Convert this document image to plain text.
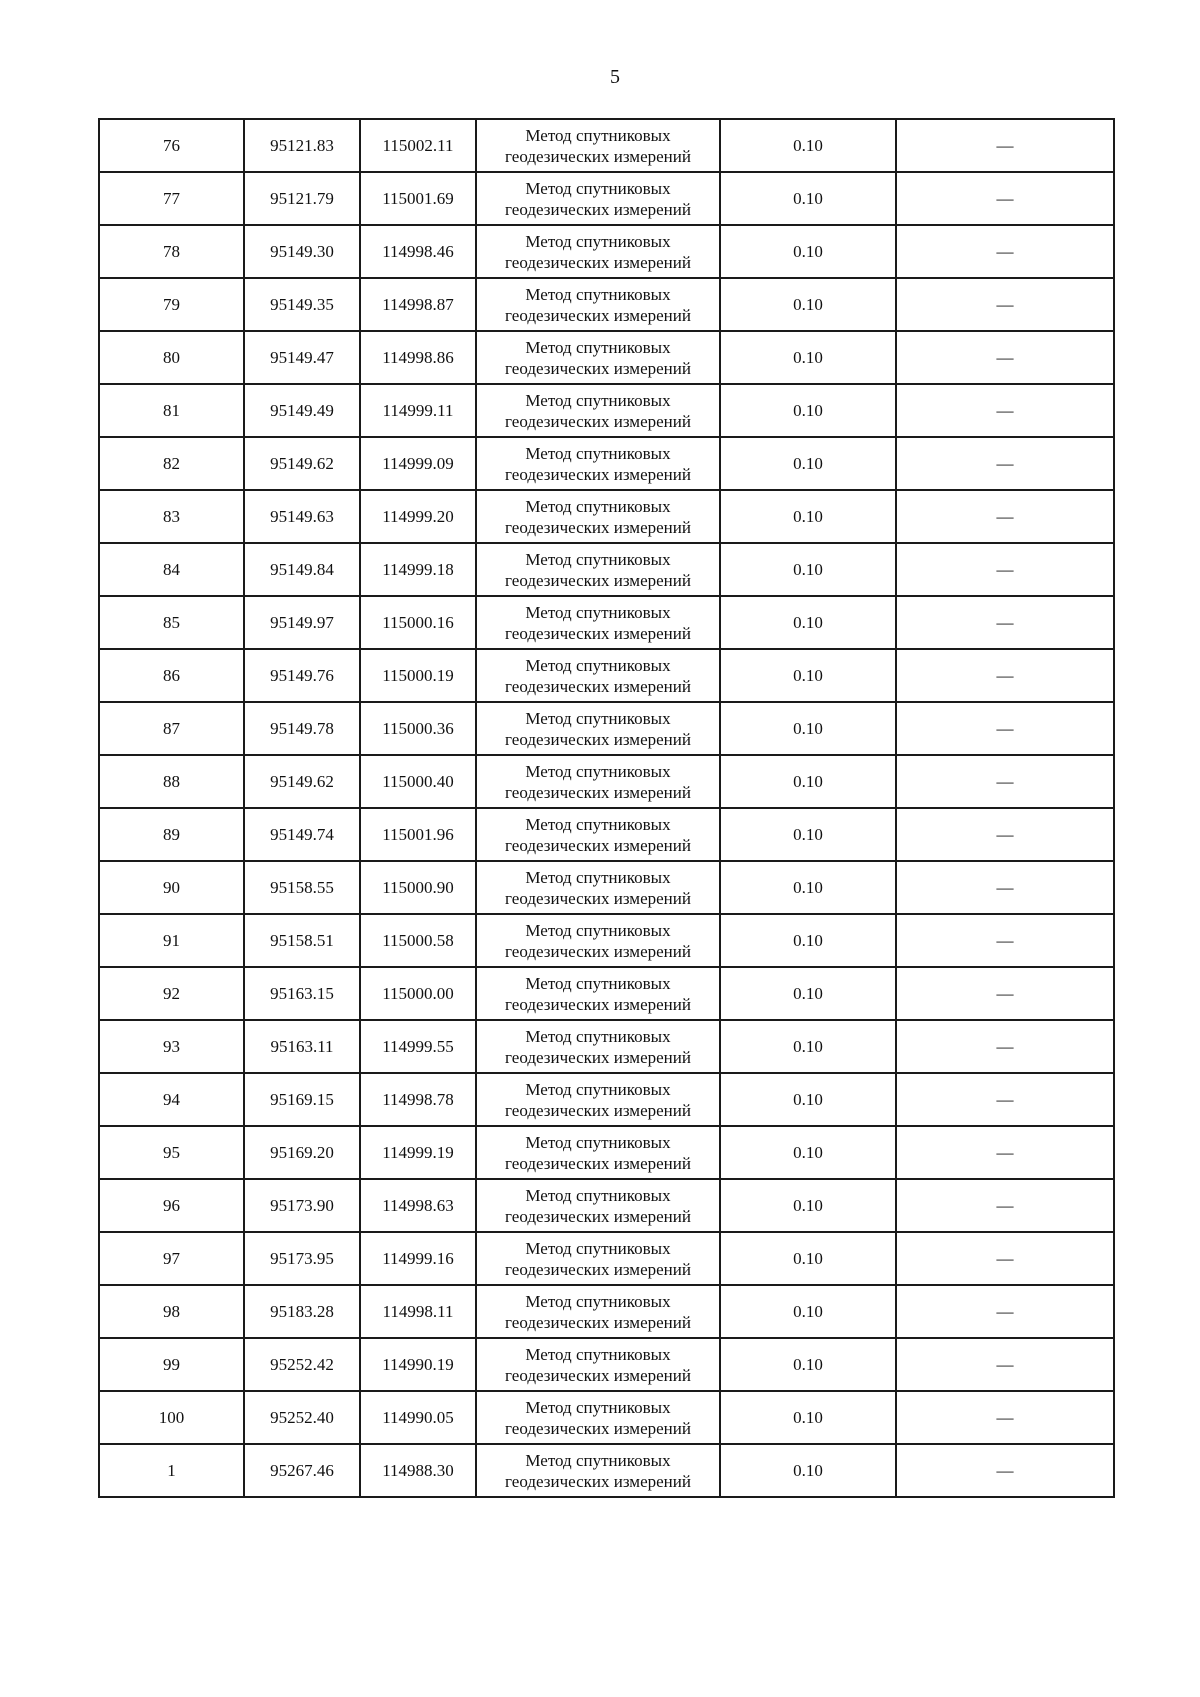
5
76	95121.83	115002.11	Метод спутниковых геодезических измерений	0.10	—
77	95121.79	115001.69	Метод спутниковых геодезических измерений	0.10	—
78	95149.30	114998.46	Метод спутниковых геодезических измерений	0.10	—
79	95149.35	114998.87	Метод спутниковых геодезических измерений	0.10	—
80	95149.47	114998.86	Метод спутниковых геодезических измерений	0.10	—
81	95149.49	114999.11	Метод спутниковых геодезических измерений	0.10	—
82	95149.62	114999.09	Метод спутниковых геодезических измерений	0.10	—
83	95149.63	114999.20	Метод спутниковых геодезических измерений	0.10	—
84	95149.84	114999.18	Метод спутниковых геодезических измерений	0.10	—
85	95149.97	115000.16	Метод спутниковых геодезических измерений	0.10	—
86	95149.76	115000.19	Метод спутниковых геодезических измерений	0.10	—
87	95149.78	115000.36	Метод спутниковых геодезических измерений	0.10	—
88	95149.62	115000.40	Метод спутниковых геодезических измерений	0.10	—
89	95149.74	115001.96	Метод спутниковых геодезических измерений	0.10	—
90	95158.55	115000.90	Метод спутниковых геодезических измерений	0.10	—
91	95158.51	115000.58	Метод спутниковых геодезических измерений	0.10	—
92	95163.15	115000.00	Метод спутниковых геодезических измерений	0.10	—
93	95163.11	114999.55	Метод спутниковых геодезических измерений	0.10	—
94	95169.15	114998.78	Метод спутниковых геодезических измерений	0.10	—
95	95169.20	114999.19	Метод спутниковых геодезических измерений	0.10	—
96	95173.90	114998.63	Метод спутниковых геодезических измерений	0.10	—
97	95173.95	114999.16	Метод спутниковых геодезических измерений	0.10	—
98	95183.28	114998.11	Метод спутниковых геодезических измерений	0.10	—
99	95252.42	114990.19	Метод спутниковых геодезических измерений	0.10	—
100	95252.40	114990.05	Метод спутниковых геодезических измерений	0.10	—
1	95267.46	114988.30	Метод спутниковых геодезических измерений	0.10	—
